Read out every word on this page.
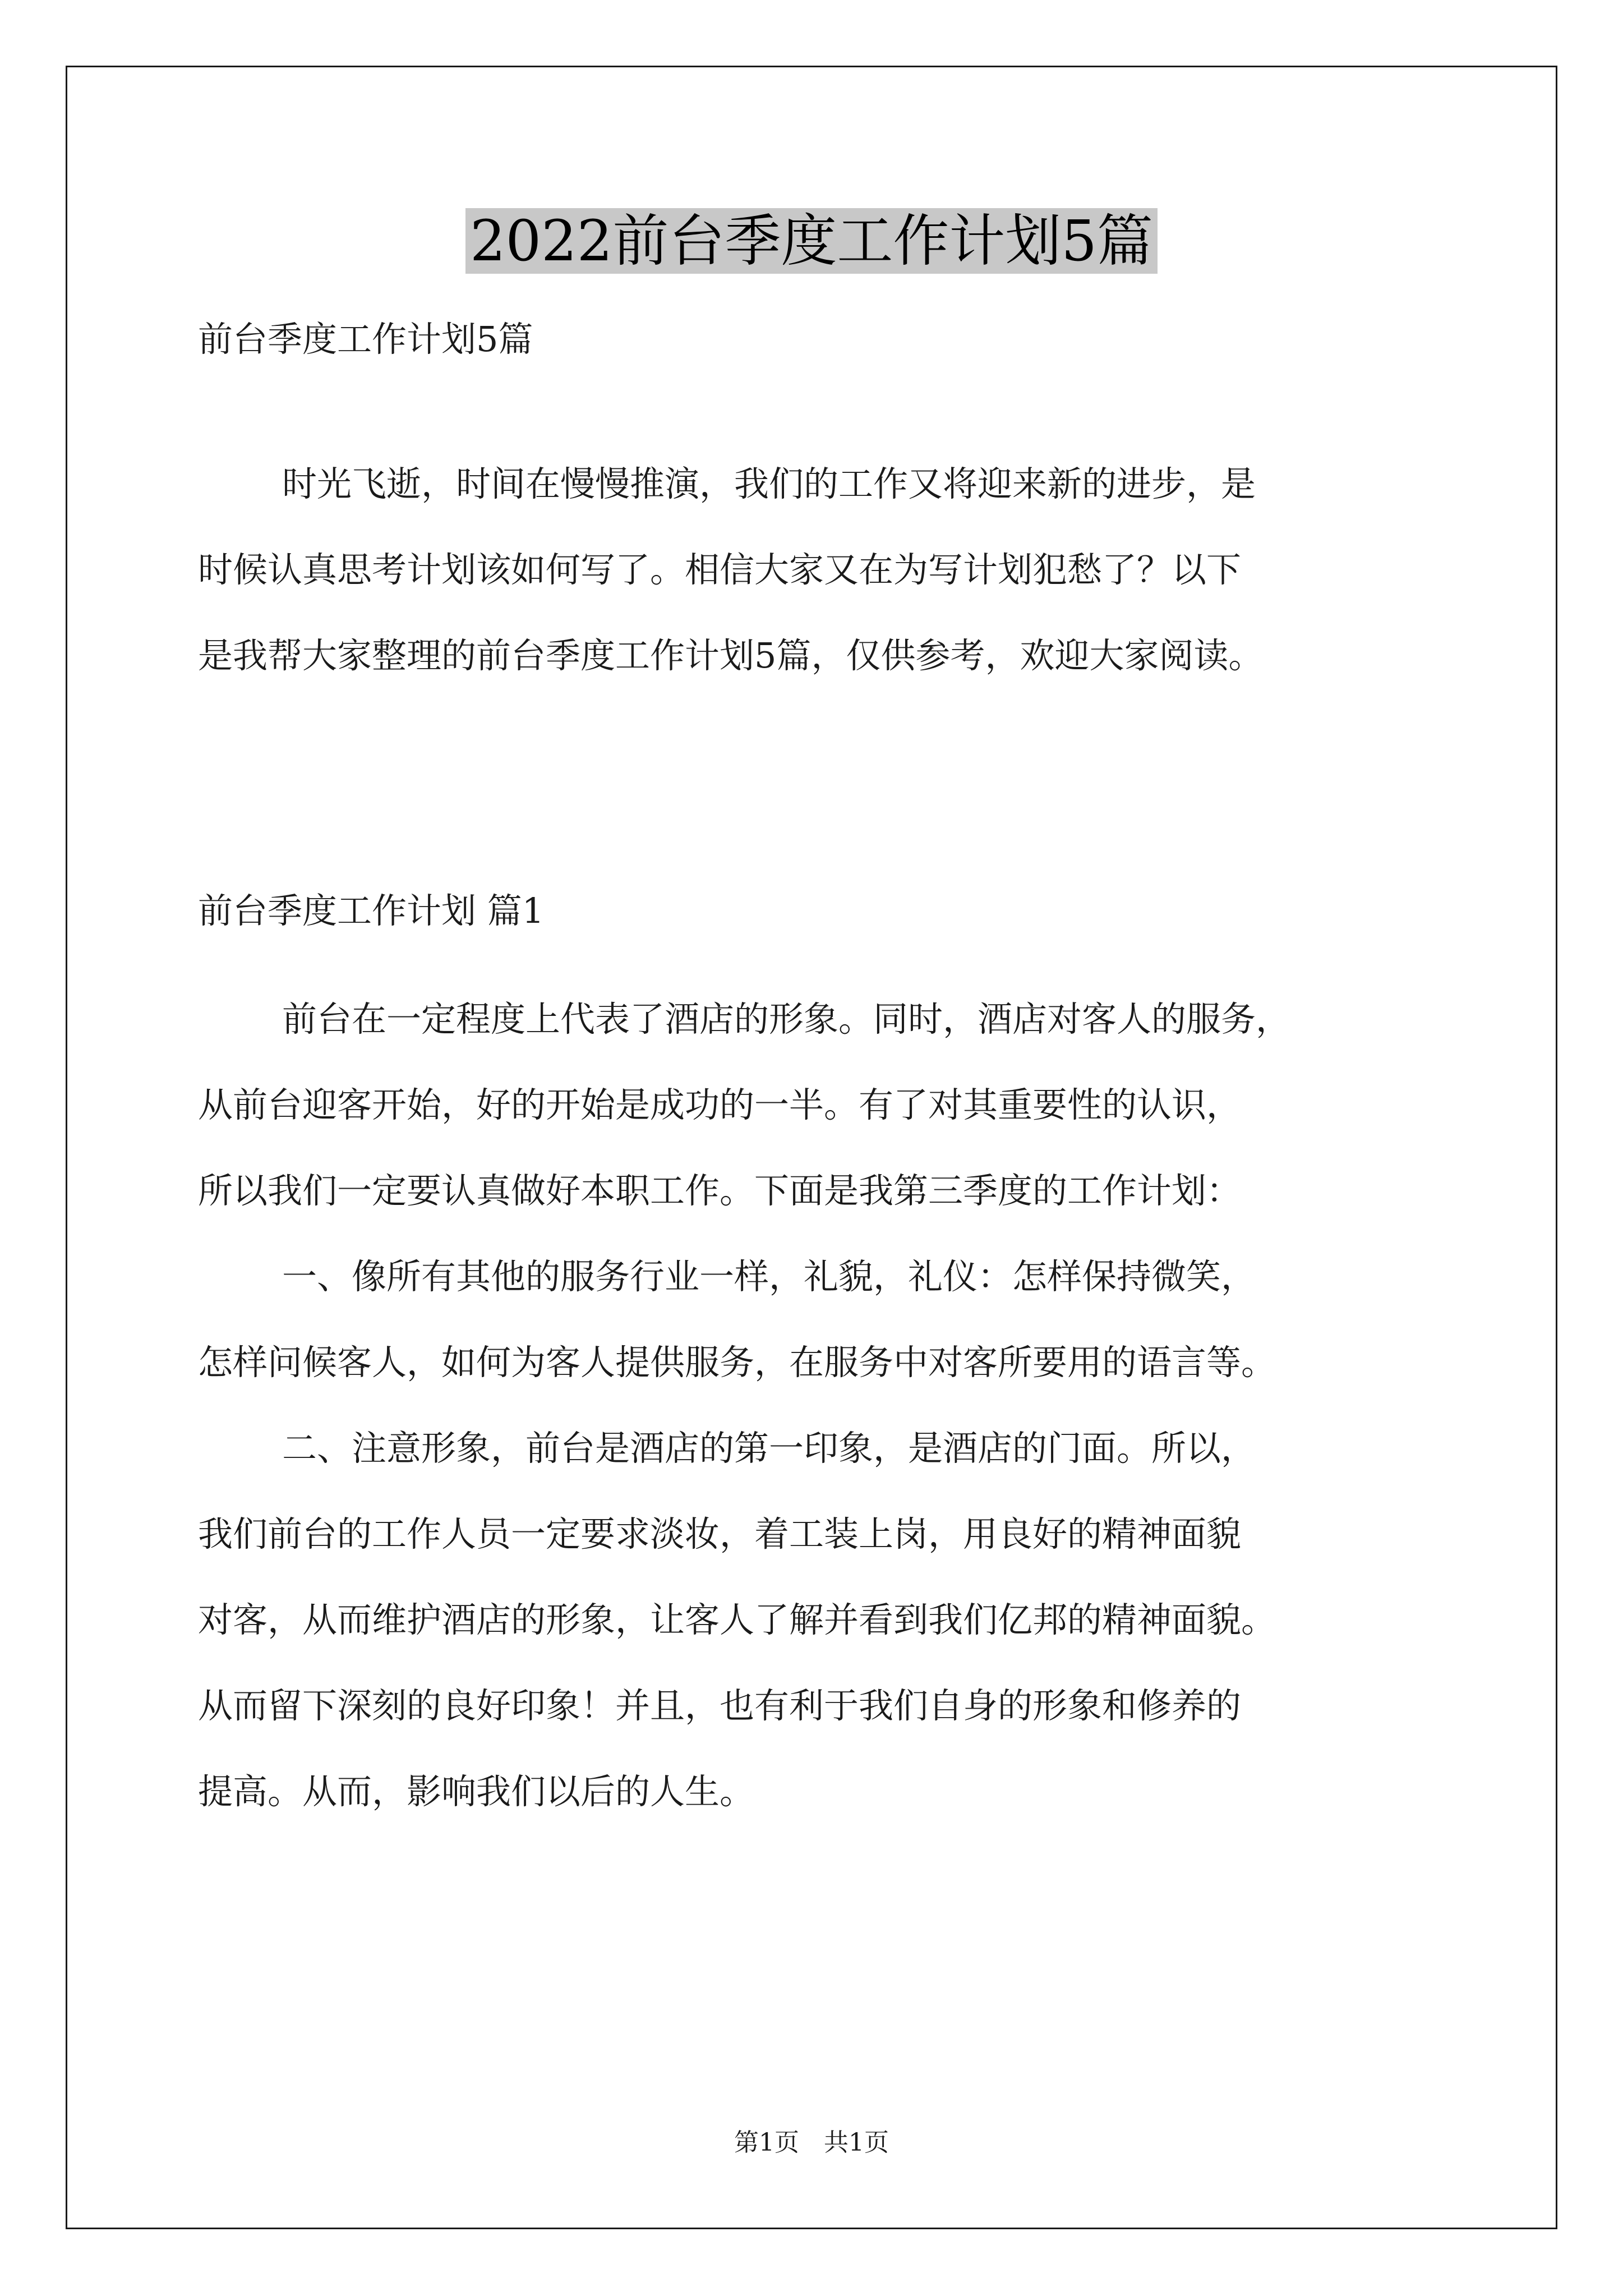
2022前台季度工作计划5篇
前台季度工作计划5篇
时光飞逝，时间在慢慢推演，我们的工作又将迎来新的进步，是
时候认真思考计划该如何写了。相信大家又在为写计划犯愁了？以下
是我帮大家整理的前台季度工作计划5篇，仅供参考，欢迎大家阅读。
前台季度工作计划 篇1
前台在一定程度上代表了酒店的形象。同时，酒店对客人的服务，
从前台迎客开始，好的开始是成功的一半。有了对其重要性的认识，
所以我们一定要认真做好本职工作。下面是我第三季度的工作计划：
一、像所有其他的服务行业一样，礼貌，礼仪：怎样保持微笑，
怎样问候客人，如何为客人提供服务，在服务中对客所要用的语言等。
二、注意形象，前台是酒店的第一印象，是酒店的门面。所以，
我们前台的工作人员一定要求淡妆，着工装上岗，用良好的精神面貌
对客，从而维护酒店的形象，让客人了解并看到我们亿邦的精神面貌。
从而留下深刻的良好印象！并且，也有利于我们自身的形象和修养的
提高。从而，影响我们以后的人生。
第1页　共1页
